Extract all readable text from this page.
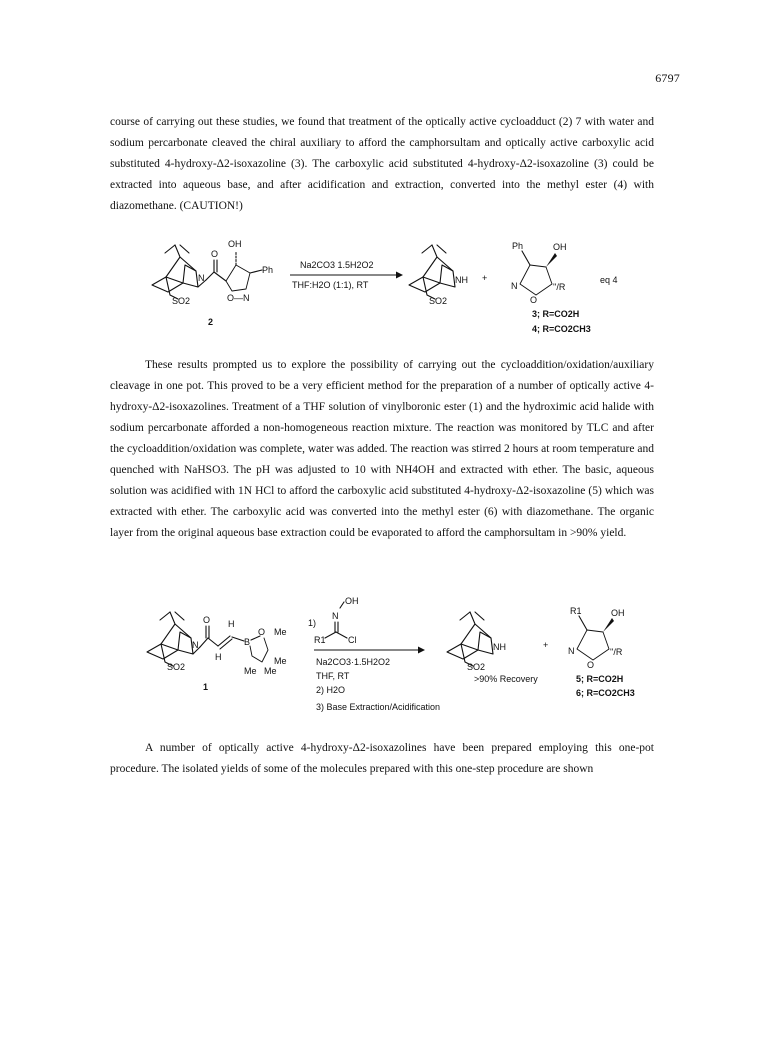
6797

course of carrying out these studies, we found that treatment of the optically active cycloadduct (2) 7 with water and sodium percarbonate cleaved the chiral auxiliary to afford the camphorsultam and optically active carboxylic acid substituted 4-hydroxy-Δ2-isoxazoline (3). The carboxylic acid substituted 4-hydroxy-Δ2-isoxazoline (3) could be extracted into aqueous base, and after acidification and extraction, converted into the methyl ester (4) with diazomethane. (CAUTION!)

N
SO2
O
OH
Ph
O—N
2
Na2CO3 1.5H2O2
THF:H2O (1:1), RT	NH
SO2
+
Ph	OH
N
O
''/R
eq 4
3; R=CO2H
4; R=CO2CH3

These results prompted us to explore the possibility of carrying out the cycloaddition/oxidation/auxiliary cleavage in one pot. This proved to be a very efficient method for the preparation of a number of optically active 4-hydroxy-Δ2-isoxazolines. Treatment of a THF solution of vinylboronic ester (1) and the hydroximic acid halide with sodium percarbonate afforded a non-homogeneous reaction mixture. The reaction was monitored by TLC and after the cycloaddition/oxidation was complete, water was added. The reaction was stirred 2 hours at room temperature and quenched with NaHSO3. The pH was adjusted to 10 with NH4OH and extracted with ether. The basic, aqueous solution was acidified with 1N HCl to afford the carboxylic acid substituted 4-hydroxy-Δ2-isoxazoline (5) which was extracted with ether. The carboxylic acid was converted into the methyl ester (6) with diazomethane. The organic layer from the original aqueous base extraction could be evaporated to afford the camphorsultam in >90% yield.

N
SO2
O H
H
B
O Me
Me
Me Me
1
1)
OH
N
R1 Cl
Na2CO3·1.5H2O2
THF, RT
2) H2O
3) Base Extraction/Acidification
NH
SO2
>90% Recovery
+
R1	OH
N
O
''/R
5; R=CO2H
6; R=CO2CH3

A number of optically active 4-hydroxy-Δ2-isoxazolines have been prepared employing this one-pot procedure. The isolated yields of some of the molecules prepared with this one-step procedure are shown
